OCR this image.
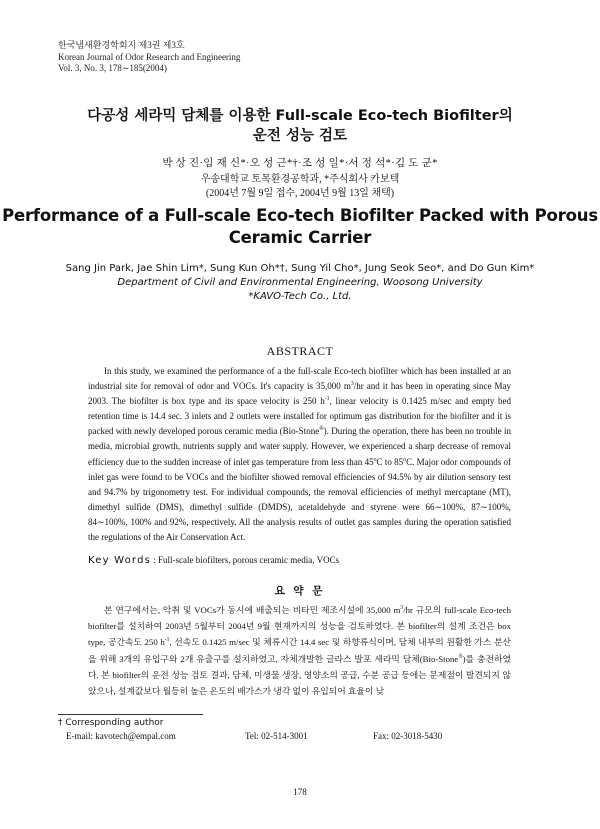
한국냄새환경학회지 제3권 제3호
Korean Journal of Odor Research and Engineering
Vol. 3, No. 3, 178∼185(2004)
다공성 세라믹 담체를 이용한 Full-scale Eco-tech Biofilter의
운전 성능 검토
박 상 진·임 재 신*·오 성 근*†·조 성 일*·서 정 석*·김 도 군*
우송대학교 토목환경공학과, *주식회사 카보텍
(2004년 7월 9일 접수, 2004년 9월 13일 채택)
Performance of a Full-scale Eco-tech Biofilter Packed with Porous
Ceramic Carrier
Sang Jin Park, Jae Shin Lim*, Sung Kun Oh*†, Sung Yil Cho*, Jung Seok Seo*, and Do Gun Kim*
Department of Civil and Environmental Engineering, Woosong University
*KAVO-Tech Co., Ltd.
ABSTRACT

In this study, we examined the performance of a the full-scale Eco-tech biofilter which has been installed at an industrial site for removal of odor and VOCs. It's capacity is 35,000 $m^3/hr$ and it has been in operating since May 2003. The biofilter is box type and its space velocity is 250 $h^{-1}$, linear velocity is 0.1425 m/sec and empty bed retention time is 14.4 sec. 3 inlets and 2 outlets were installed for optimum gas distribution for the biofilter and it is packed with newly developed porous ceramic media (Bio-Stone®). During the operation, there has been no trouble in media, microbial growth, nutrients supply and water supply. However, we experienced a sharp decrease of removal efficiency due to the sudden increase of inlet gas temperature from less than 45$^o$C to 85$^o$C. Major odor compounds of inlet gas were found to be VOCs and the biofilter showed removal efficiencies of 94.5% by air dilution sensory test and 94.7% by trigonometry test. For individual compounds, the removal efficiencies of methyl mercaptane (MT), dimethyl sulfide (DMS), dimethyl sulfide (DMDS), acetaldehyde and styrene were 66∼100%, 87∼100%, 84∼100%, 100% and 92%, respectively. All the analysis results of outlet gas samples during the operation satisfied the regulations of the Air Conservation Act.

Key Words : Full-scale biofilters, porous ceramic media, VOCs
요 약 문

본 연구에서는, 악취 및 VOCs가 동시에 배출되는 비타민 제조시설에 35,000 $m^3/hr$ 규모의 full-scale Eco-tech biofilter를 설치하여 2003년 5월부터 2004년 9월 현재까지의 성능을 검토하였다. 본 biofilter의 설계 조건은 box type, 공간속도 250 $h^{-1}$, 선속도 0.1425 m/sec 및 체류시간 14.4 sec 및 하향류식이며, 담체 내부의 원활한 가스 분산을 위해 3개의 유입구와 2개 유출구를 설치하였고, 자체개발한 글라스 발포 세라믹 담체(Bio-Stone®)를 충전하였다. 본 biofilter의 운전 성능 검토 결과, 담체, 미생물 생장, 영양소의 공급, 수분 공급 등에는 문제점이 발견되지 않았으나, 설계값보다 월등히 높은 온도의 배가스가 냉각 없이 유입되어 효율이 낮

† Corresponding author
E-mail: kavotech@empal.com	Tel: 02-514-3001	Fax: 02-3018-5430
178
